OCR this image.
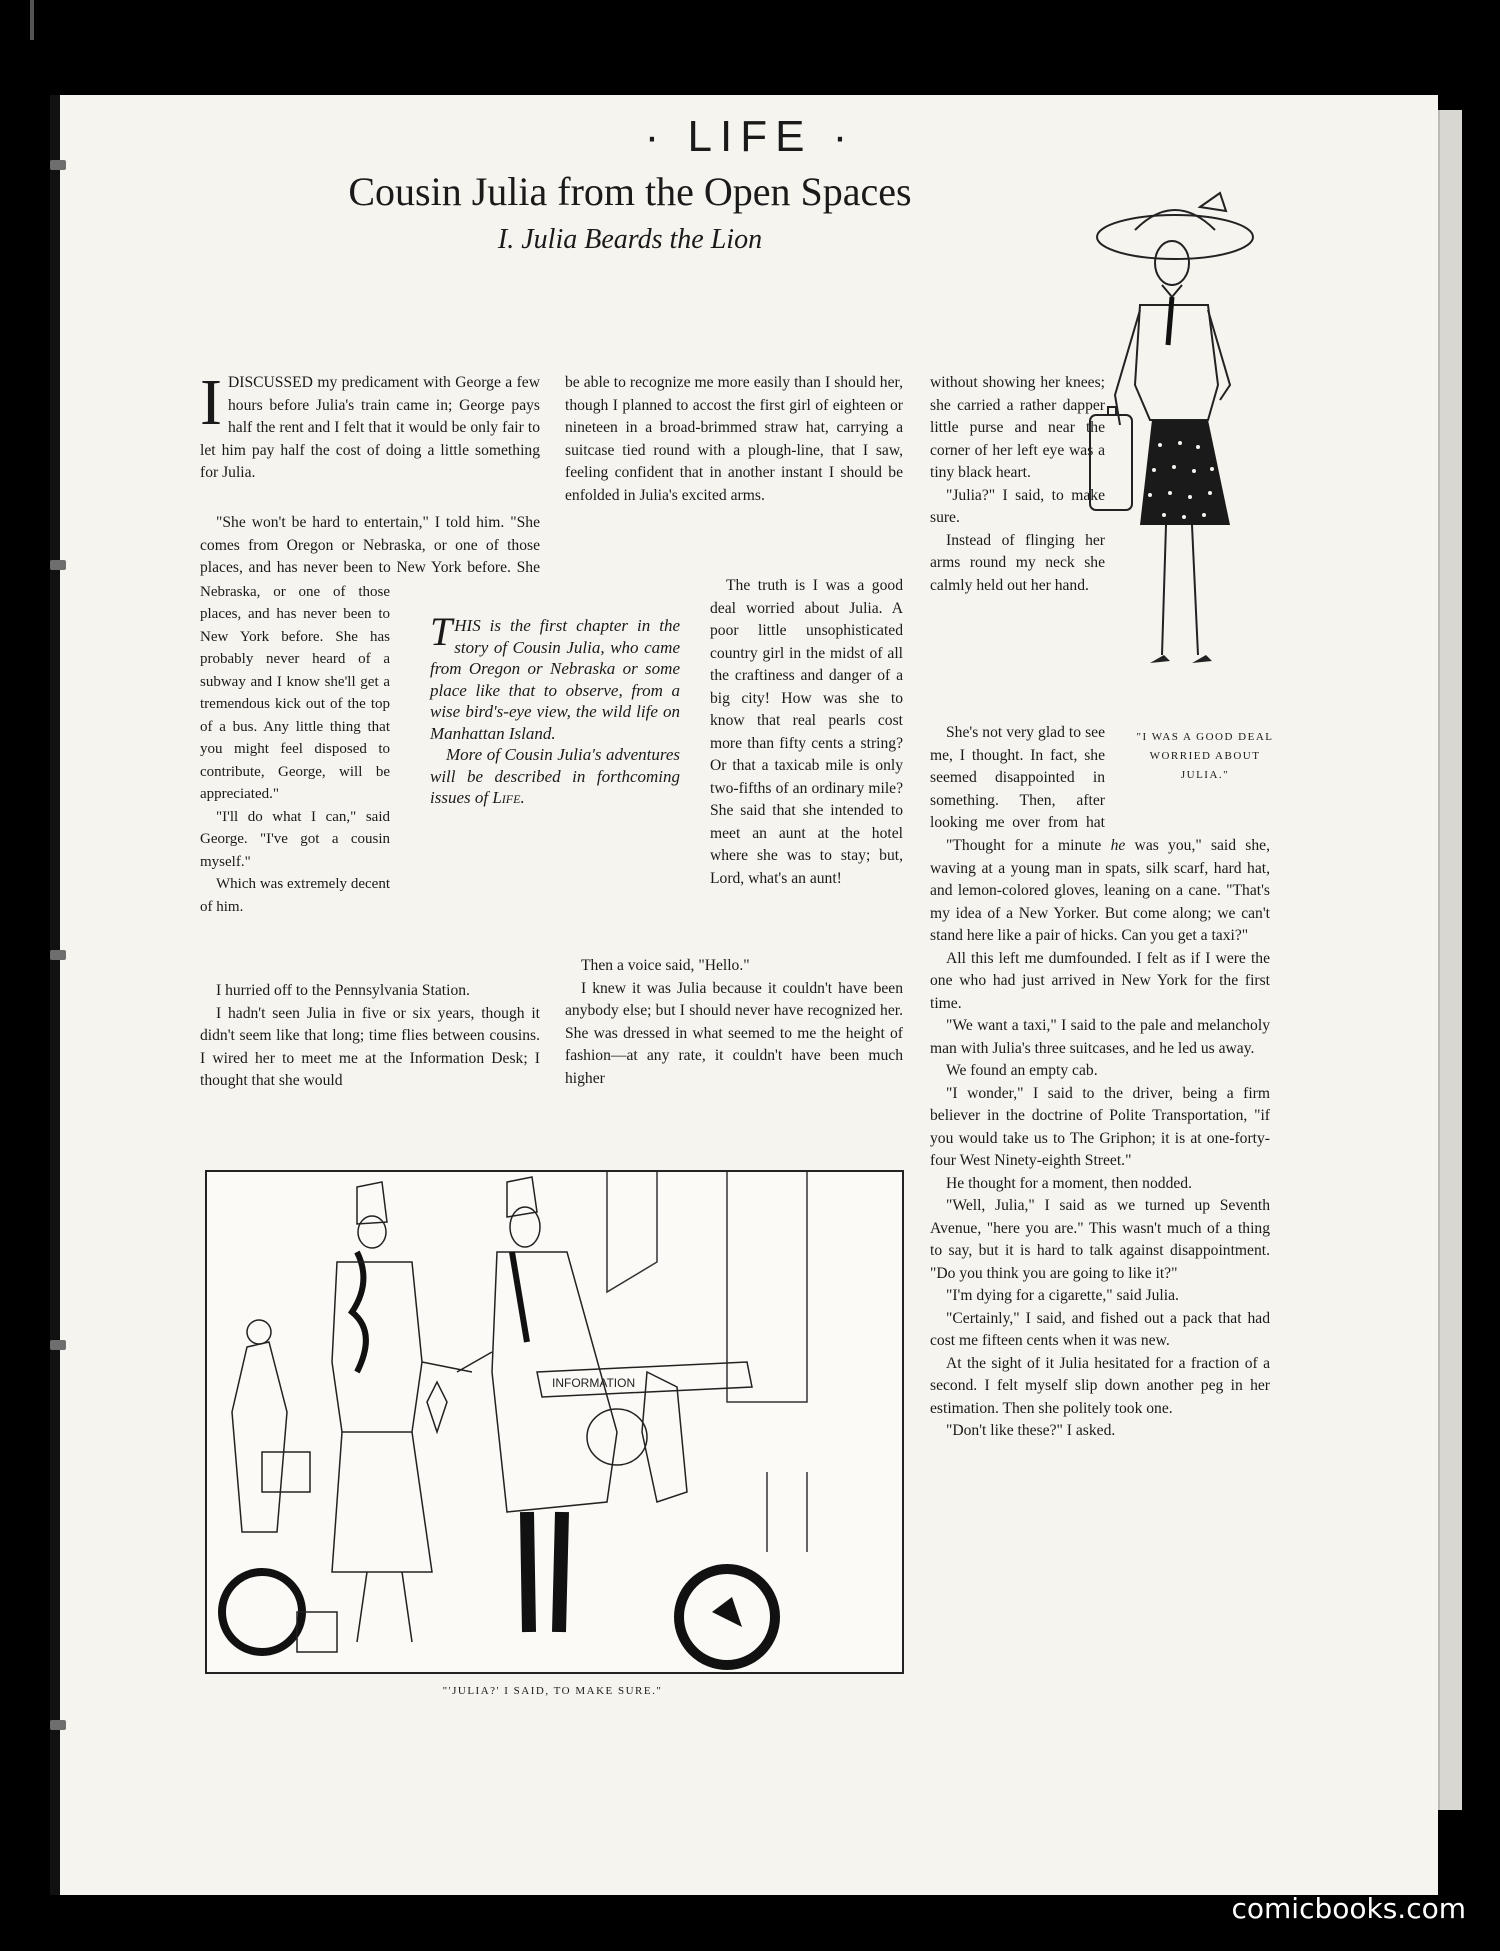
· LIFE ·
Cousin Julia from the Open Spaces
I. Julia Beards the Lion

IDISCUSSED my predicament with George a few hours before Julia's train came in; George pays half the rent and I felt that it would be only fair to let him pay half the cost of doing a little something for Julia.

"She won't be hard to entertain," I told him. "She comes from Oregon or Nebraska, or one of those places, and has never been to New York before. She

Nebraska, or one of those places, and has never been to New York before. She has probably never heard of a subway and I know she'll get a tremendous kick out of the top of a bus. Any little thing that you might feel disposed to contribute, George, will be appreciated."

"I'll do what I can," said George. "I've got a cousin myself."

Which was extremely decent of him.

I hurried off to the Pennsylvania Station.

I hadn't seen Julia in five or six years, though it didn't seem like that long; time flies between cousins. I wired her to meet me at the Information Desk; I thought that she would

THIS is the first chapter in the story of Cousin Julia, who came from Oregon or Nebraska or some place like that to observe, from a wise bird's-eye view, the wild life on Manhattan Island.

More of Cousin Julia's adventures will be described in forthcoming issues of Life.

be able to recognize me more easily than I should her, though I planned to accost the first girl of eighteen or nineteen in a broad-brimmed straw hat, carrying a suitcase tied round with a plough-line, that I saw, feeling confident that in another instant I should be enfolded in Julia's excited arms.

The truth is I was a good deal worried about Julia. A poor little unsophisticated country girl in the midst of all the craftiness and danger of a big city! How was she to know that real pearls cost more than fifty cents a string? Or that a taxicab mile is only two-fifths of an ordinary mile? She said that she intended to meet an aunt at the hotel where she was to stay; but, Lord, what's an aunt!

Then a voice said, "Hello."

I knew it was Julia because it couldn't have been anybody else; but I should never have recognized her. She was dressed in what seemed to me the height of fashion—at any rate, it couldn't have been much higher

without showing her knees; she carried a rather dapper little purse and near the corner of her left eye was a tiny black heart.

"Julia?" I said, to make sure.

Instead of flinging her arms round my neck she calmly held out her hand.

She's not very glad to see me, I thought. In fact, she seemed disappointed in something. Then, after looking me over from hat

"Thought for a minute he was you," said she, waving at a young man in spats, silk scarf, hard hat, and lemon-colored gloves, leaning on a cane. "That's my idea of a New Yorker. But come along; we can't stand here like a pair of hicks. Can you get a taxi?"

All this left me dumfounded. I felt as if I were the one who had just arrived in New York for the first time.

"We want a taxi," I said to the pale and melancholy man with Julia's three suitcases, and he led us away.

We found an empty cab.

"I wonder," I said to the driver, being a firm believer in the doctrine of Polite Transportation, "if you would take us to The Griphon; it is at one-forty-four West Ninety-eighth Street."

He thought for a moment, then nodded.

"Well, Julia," I said as we turned up Seventh Avenue, "here you are." This wasn't much of a thing to say, but it is hard to talk against disappointment. "Do you think you are going to like it?"

"I'm dying for a cigarette," said Julia.

"Certainly," I said, and fished out a pack that had cost me fifteen cents when it was new.

At the sight of it Julia hesitated for a fraction of a second. I felt myself slip down another peg in her estimation. Then she politely took one.

"Don't like these?" I asked.

"I WAS A GOOD DEAL WORRIED ABOUT JULIA."
INFORMATION
"'JULIA?' I SAID, TO MAKE SURE."
comicbooks.com
